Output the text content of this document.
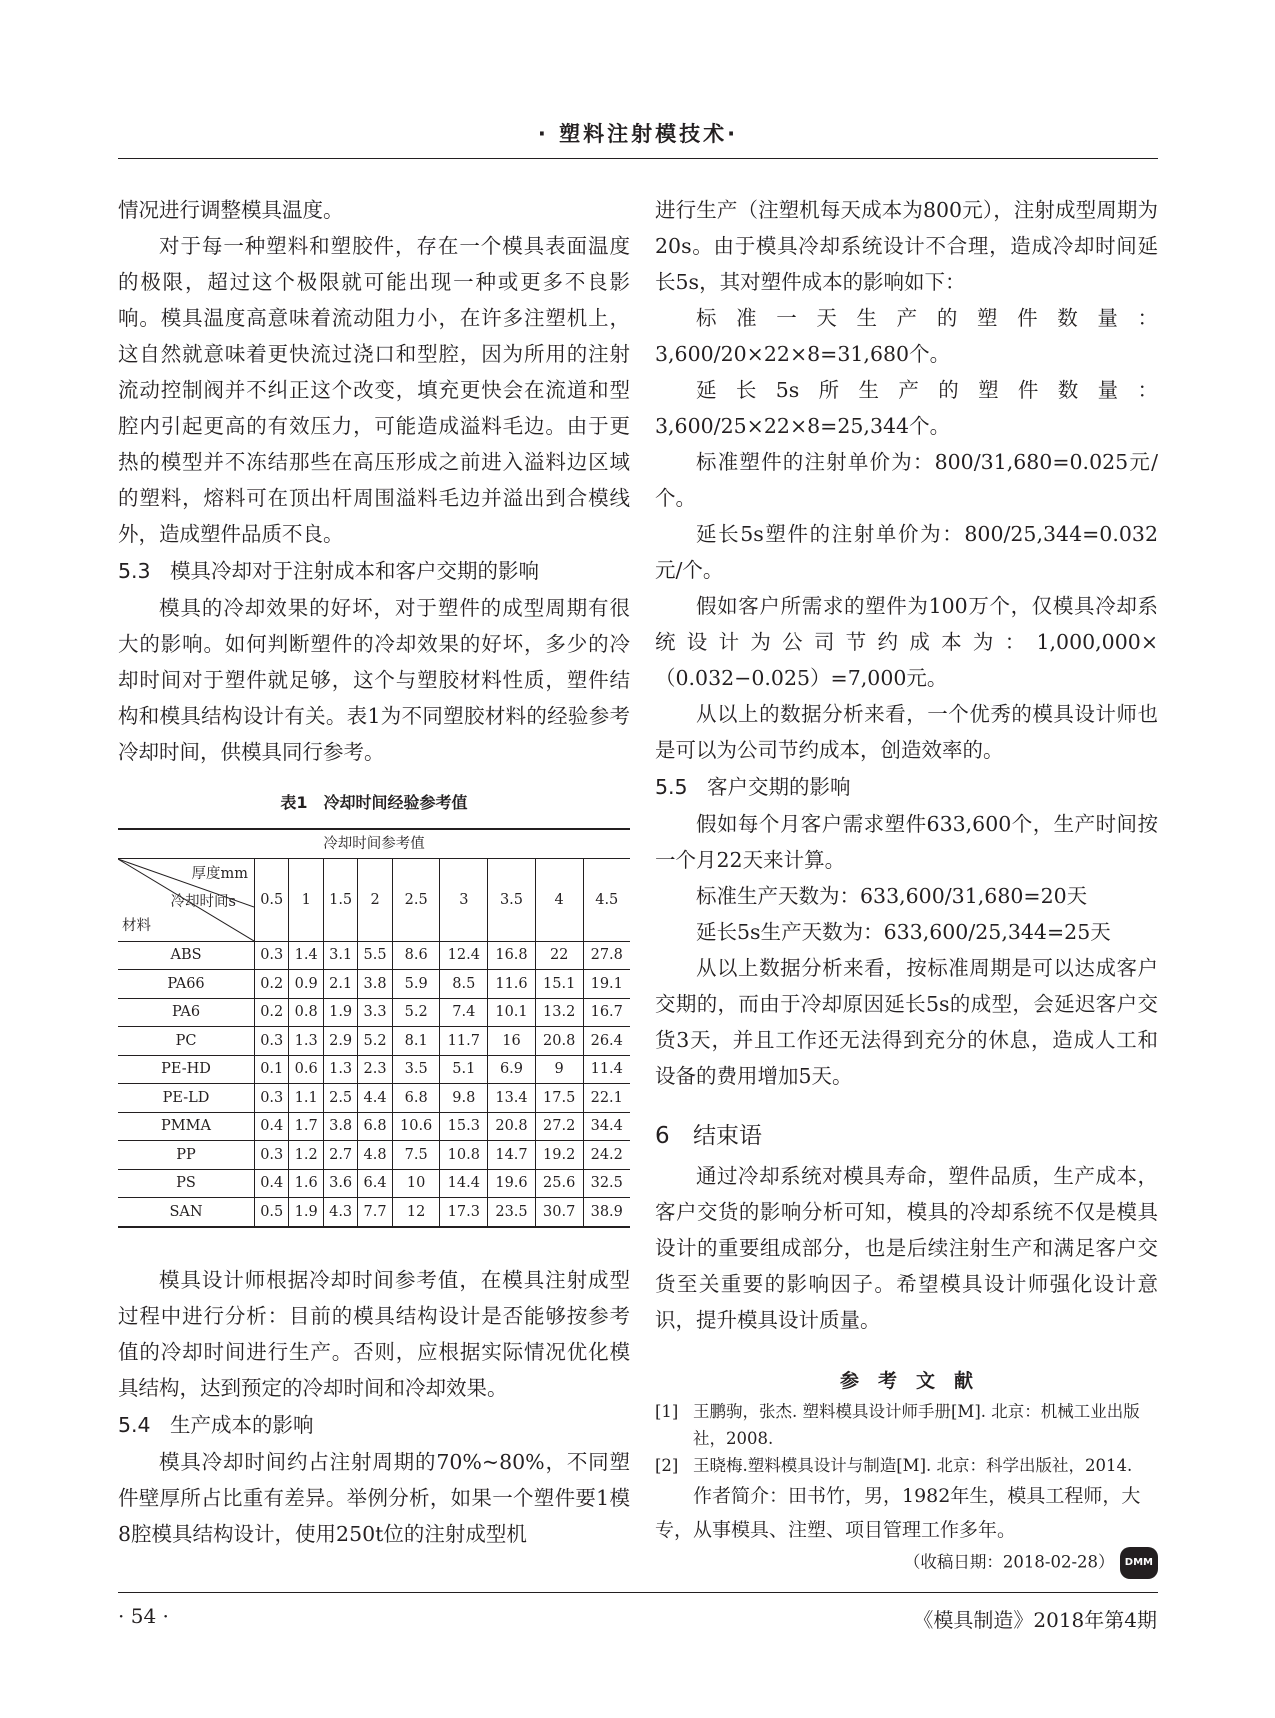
· 塑料注射模技术·

情况进行调整模具温度。

对于每一种塑料和塑胶件，存在一个模具表面温度的极限，超过这个极限就可能出现一种或更多不良影响。模具温度高意味着流动阻力小，在许多注塑机上，这自然就意味着更快流过浇口和型腔，因为所用的注射流动控制阀并不纠正这个改变，填充更快会在流道和型腔内引起更高的有效压力，可能造成溢料毛边。由于更热的模型并不冻结那些在高压形成之前进入溢料边区域的塑料，熔料可在顶出杆周围溢料毛边并溢出到合模线外，造成塑件品质不良。

5.3 模具冷却对于注射成本和客户交期的影响

模具的冷却效果的好坏，对于塑件的成型周期有很大的影响。如何判断塑件的冷却效果的好坏，多少的冷却时间对于塑件就足够，这个与塑胶材料性质，塑件结构和模具结构设计有关。表1为不同塑胶材料的经验参考冷却时间，供模具同行参考。

表1　冷却时间经验参考值
冷却时间参考值									

厚度mm
冷却时间s
材料	0.5	1	1.5	2	2.5	3	3.5	4	4.5
ABS	0.3	1.4	3.1	5.5	8.6	12.4	16.8	22	27.8
PA66	0.2	0.9	2.1	3.8	5.9	8.5	11.6	15.1	19.1
PA6	0.2	0.8	1.9	3.3	5.2	7.4	10.1	13.2	16.7
PC	0.3	1.3	2.9	5.2	8.1	11.7	16	20.8	26.4
PE-HD	0.1	0.6	1.3	2.3	3.5	5.1	6.9	9	11.4
PE-LD	0.3	1.1	2.5	4.4	6.8	9.8	13.4	17.5	22.1
PMMA	0.4	1.7	3.8	6.8	10.6	15.3	20.8	27.2	34.4
PP	0.3	1.2	2.7	4.8	7.5	10.8	14.7	19.2	24.2
PS	0.4	1.6	3.6	6.4	10	14.4	19.6	25.6	32.5
SAN	0.5	1.9	4.3	7.7	12	17.3	23.5	30.7	38.9

模具设计师根据冷却时间参考值，在模具注射成型过程中进行分析：目前的模具结构设计是否能够按参考值的冷却时间进行生产。否则，应根据实际情况优化模具结构，达到预定的冷却时间和冷却效果。

5.4 生产成本的影响

模具冷却时间约占注射周期的70%~80%，不同塑件壁厚所占比重有差异。举例分析，如果一个塑件要1模8腔模具结构设计，使用250t位的注射成型机

进行生产（注塑机每天成本为800元），注射成型周期为20s。由于模具冷却系统设计不合理，造成冷却时间延长5s，其对塑件成本的影响如下：

标准一天生产的塑件数量：3,600/20×22×8=31,680个。

延长5s所生产的塑件数量：3,600/25×22×8=25,344个。

标准塑件的注射单价为：800/31,680=0.025元/个。

延长5s塑件的注射单价为：800/25,344=0.032元/个。

假如客户所需求的塑件为100万个，仅模具冷却系统设计为公司节约成本为：1,000,000×（0.032−0.025）=7,000元。

从以上的数据分析来看，一个优秀的模具设计师也是可以为公司节约成本，创造效率的。

5.5 客户交期的影响

假如每个月客户需求塑件633,600个，生产时间按一个月22天来计算。

标准生产天数为：633,600/31,680=20天

延长5s生产天数为：633,600/25,344=25天

从以上数据分析来看，按标准周期是可以达成客户交期的，而由于冷却原因延长5s的成型，会延迟客户交货3天，并且工作还无法得到充分的休息，造成人工和设备的费用增加5天。

6 结束语

通过冷却系统对模具寿命，塑件品质，生产成本，客户交货的影响分析可知，模具的冷却系统不仅是模具设计的重要组成部分，也是后续注射生产和满足客户交货至关重要的影响因子。希望模具设计师强化设计意识，提升模具设计质量。

参　考　文　献
[1] 王鹏驹，张杰. 塑料模具设计师手册[M]. 北京：机械工业出版社，2008.
[2] 王晓梅.塑料模具设计与制造[M]. 北京：科学出版社，2014.

作者简介：田书竹，男，1982年生，模具工程师，大专，从事模具、注塑、项目管理工作多年。

（收稿日期：2018-02-28） DMM
· 54 ·	《模具制造》2018年第4期
